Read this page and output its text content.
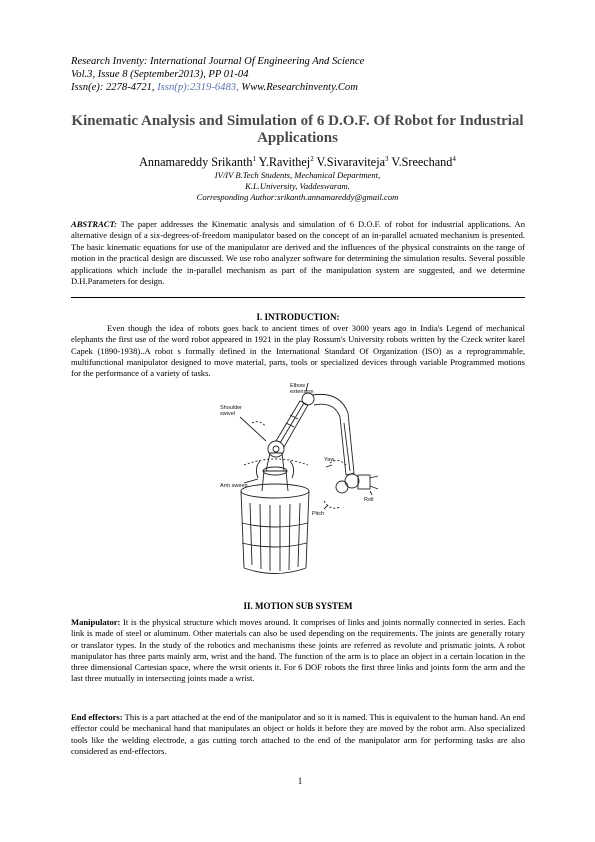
Research Inventy: International Journal Of Engineering And Science
Vol.3, Issue 8 (September2013), PP 01-04
Issn(e): 2278-4721, Issn(p):2319-6483, Www.Researchinventy.Com
Kinematic Analysis and Simulation of 6 D.O.F. Of Robot for Industrial Applications
Annamareddy Srikanth$^1$ Y.Ravithej$^2$ V.Sivaraviteja$^3$ V.Sreechand$^4$
IV/IV B.Tech Students, Mechanical Department,
K.L.University, Vaddeswaram.
Corresponding Author:srikanth.annamareddy@gmail.com
ABSTRACT: The paper addresses the Kinematic analysis and simulation of 6 D.O.F. of robot for industrial applications. An alternative design of a six-degrees-of-freedom manipulator based on the concept of an in-parallel actuated mechanism is presented. The basic kinematic equations for use of the manipulator are derived and the influences of the physical constraints on the range of motion in the practical design are discussed. We use robo analyzer software for determining the simulation results. Several possible applications which include the in-parallel mechanism as part of the manipulation system are suggested, and we determine D.H.Parameters for design.
I. INTRODUCTION:
Even though the idea of robots goes back to ancient times of over 3000 years ago in India's Legend of mechanical elephants the first use of the word robot appeared in 1921 in the play Rossum's University robots written by the Czeck writer karel Capek (1890-1938)..A robot s formally defined in the International Standard Of Organization (ISO) as a reprogrammable, multifunctional manipulator designed to move material, parts, tools or specialized devices through variable Programmed motions for the performance of a variety of tasks.
Elbow
extension
Shoulder
swivel
Arm sweep
Yaw
Roll
Pitch
II. MOTION SUB SYSTEM
Manipulator: It is the physical structure which moves around. It comprises of links and joints normally connected in series. Each link is made of steel or aluminum. Other materials can also be used depending on the requirements. The joints are generally rotary or translator types. In the study of the robotics and mechanisms these joints are referred as revolute and prismatic joints. A robot manipulator has three parts mainly arm, wrist and the hand. The function of the arm is to place an object in a certain location in the three dimensional Cartesian space, where the wrsit orients it. For 6 DOF robots the first three links and joints form the arm and the last three mutually in intersecting joints made a wrist.
End effectors: This is a part attached at the end of the manipulator and so it is named. This is equivalent to the human hand. An end effector could be mechanical hand that manipulates an object or holds it before they are moved by the robot arm. Also specialized tools like the welding electrode, a gas cutting torch attached to the end of the manipulator arm for performing tasks are also considered as end-effectors.
1
